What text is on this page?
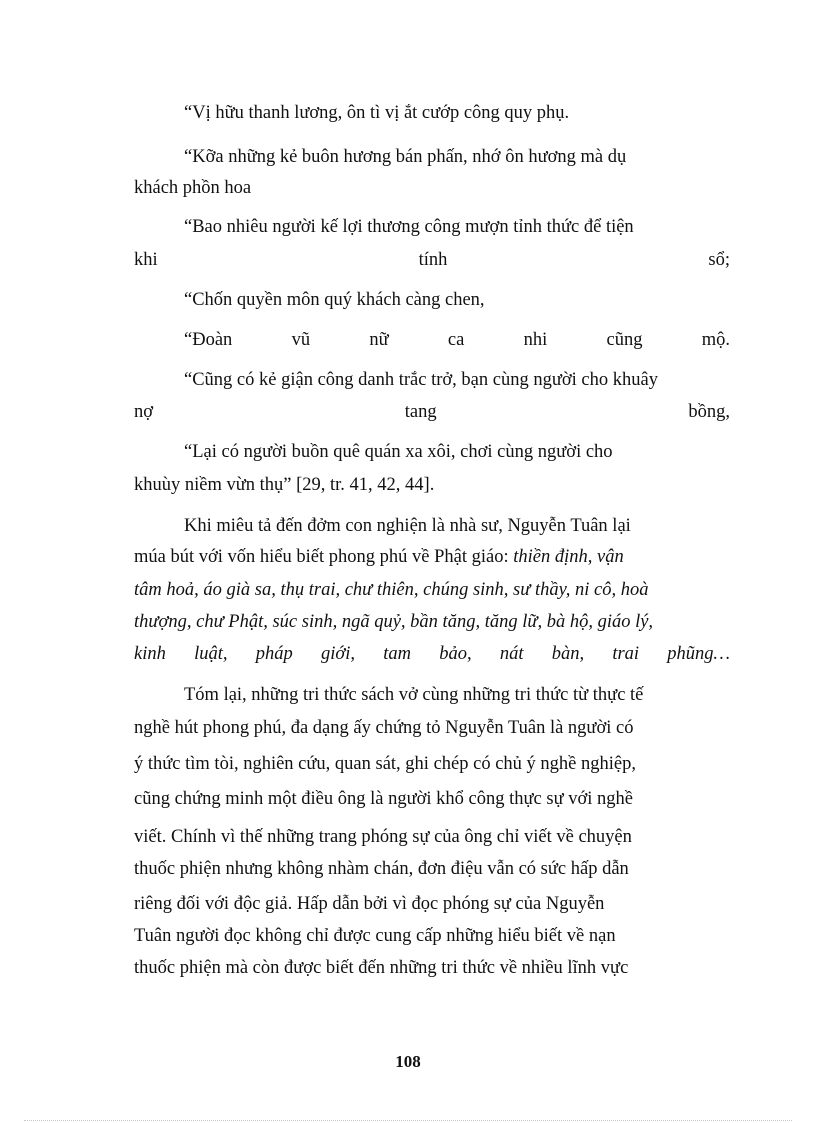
“Vị hữu thanh lương, ôn tì vị ắt cướp công quy phụ.
“Kỡa những kẻ buôn hương bán phấn, nhớ ôn hương mà dụ
khách phồn hoa
“Bao nhiêu người kế lợi thương công mượn tỉnh thức để tiện
khi	tính	sổ;
“Chốn quyền môn quý khách càng chen,
“Đoàn	vũ	nữ	ca	nhi	cũng	mộ.
“Cũng có kẻ giận công danh trắc trở, bạn cùng người cho khuây
nợ	tang	bồng,
“Lại có người buồn quê quán xa xôi, chơi cùng người cho
khuùy niềm vừn thụ” [29, tr. 41, 42, 44].
Khi miêu tả đến đởm con nghiện là nhà sư, Nguyễn Tuân lại
múa bút với vốn hiểu biết phong phú về Phật giáo: thiền định, vận
tâm hoả, áo già sa, thụ trai, chư thiên, chúng sinh, sư thầy, ni cô, hoà
thượng, chư Phật, súc sinh, ngã quỷ, bần tăng, tăng lữ, bà hộ, giáo lý,
kinh luật, pháp giới, tam bảo, nát bàn, trai phũng…
Tóm lại, những tri thức sách vở cùng những tri thức từ thực tế
nghề hút phong phú, đa dạng ấy chứng tỏ Nguyễn Tuân là người có
ý thức tìm tòi, nghiên cứu, quan sát, ghi chép có chủ ý nghề nghiệp,
cũng chứng minh một điều ông là người khổ công thực sự với nghề
viết. Chính vì thế những trang phóng sự của ông chỉ viết về chuyện
thuốc phiện nhưng không nhàm chán, đơn điệu vẫn có sức hấp dẫn
riêng đối với độc giả. Hấp dẫn bởi vì đọc phóng sự của Nguyễn
Tuân người đọc không chỉ được cung cấp những hiểu biết về nạn
thuốc phiện mà còn được biết đến những tri thức về nhiều lĩnh vực
108
